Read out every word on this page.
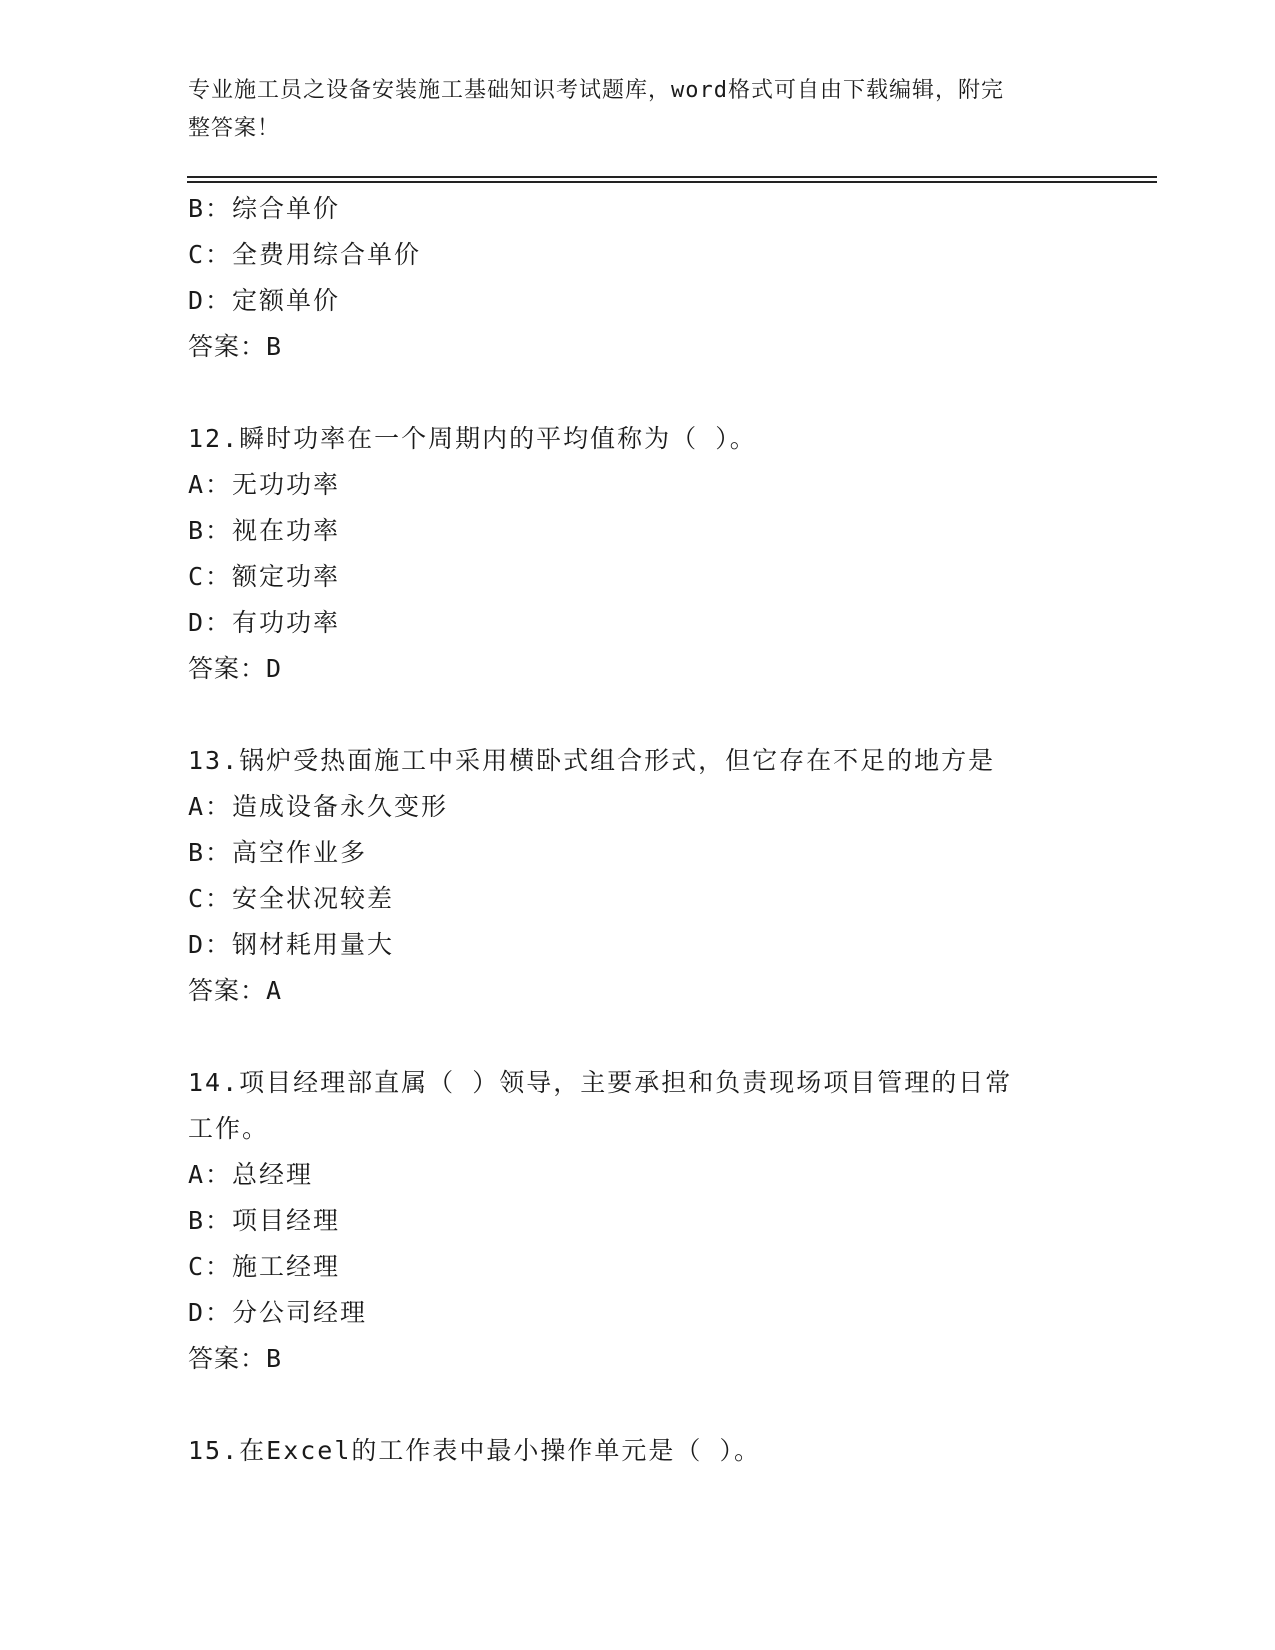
专业施工员之设备安装施工基础知识考试题库，word格式可自由下载编辑，附完
整答案！
B：综合单价
C：全费用综合单价
D：定额单价
答案：B
12.瞬时功率在一个周期内的平均值称为（ ）。
A：无功功率
B：视在功率
C：额定功率
D：有功功率
答案：D
13.锅炉受热面施工中采用横卧式组合形式，但它存在不足的地方是
A：造成设备永久变形
B：高空作业多
C：安全状况较差
D：钢材耗用量大
答案：A
14.项目经理部直属（ ）领导，主要承担和负责现场项目管理的日常
工作。
A：总经理
B：项目经理
C：施工经理
D：分公司经理
答案：B
15.在Excel的工作表中最小操作单元是（ ）。
